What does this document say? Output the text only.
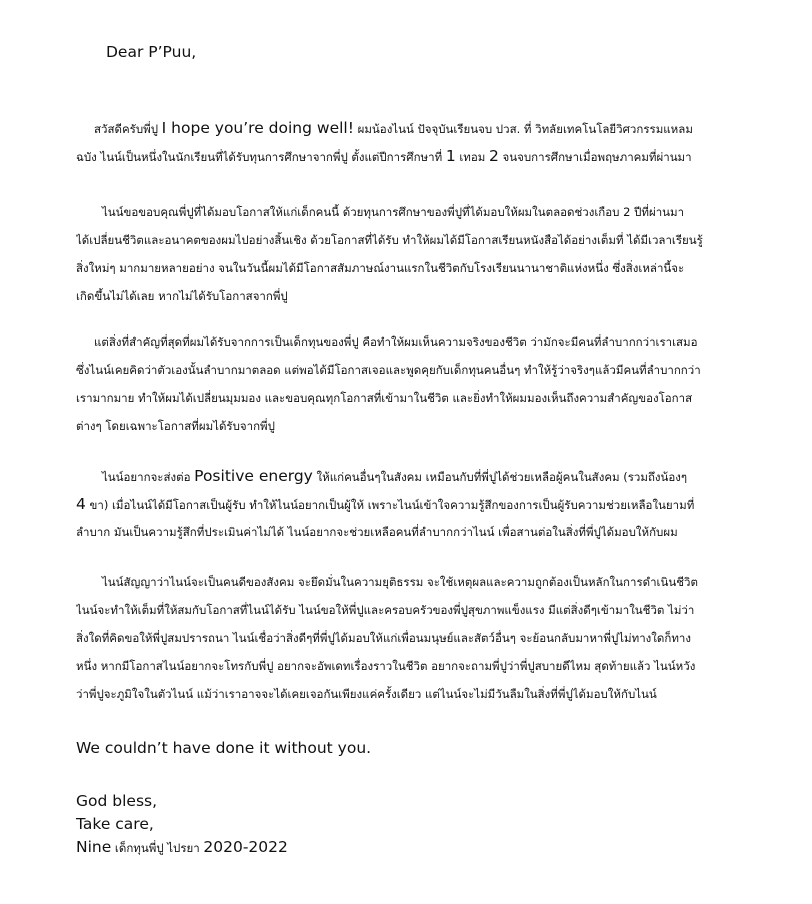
Dear P’Puu,
สวัสดีครับพี่ปู I hope you’re doing well! ผมน้องไนน์ ปัจจุบันเรียนจบ ปวส. ที่ วิทลัยเทคโนโลยีวิศวกรรมแหลม
ฉบัง ไนน์เป็นหนึ่งในนักเรียนที่ได้รับทุนการศึกษาจากพี่ปู ตั้งแต่ปีการศึกษาที่ 1 เทอม 2 จนจบการศึกษาเมื่อพฤษภาคมที่ผ่านมา
ไนน์ขอขอบคุณพี่ปูที่ได้มอบโอกาสให้แก่เด็กคนนี้ ด้วยทุนการศึกษาของพี่ปูที่ได้มอบให้ผมในตลอดช่วงเกือบ 2 ปีที่ผ่านมา
ได้เปลี่ยนชีวิตและอนาคตของผมไปอย่างสิ้นเชิง ด้วยโอกาสที่ได้รับ ทำให้ผมได้มีโอกาสเรียนหนังสือได้อย่างเต็มที่ ได้มีเวลาเรียนรู้
สิ่งใหม่ๆ มากมายหลายอย่าง จนในวันนี้ผมได้มีโอกาสสัมภาษณ์งานแรกในชีวิตกับโรงเรียนนานาชาติแห่งหนึ่ง ซึ่งสิ่งเหล่านี้จะ
เกิดขึ้นไม่ได้เลย หากไม่ได้รับโอกาสจากพี่ปู
แต่สิ่งที่สำคัญที่สุดที่ผมได้รับจากการเป็นเด็กทุนของพี่ปู คือทำให้ผมเห็นความจริงของชีวิต ว่ามักจะมีคนที่ลำบากกว่าเราเสมอ
ซึ่งไนน์เคยคิดว่าตัวเองนั้นลำบากมาตลอด แต่พอได้มีโอกาสเจอและพูดคุยกับเด็กทุนคนอื่นๆ ทำให้รู้ว่าจริงๆแล้วมีคนที่ลำบากกว่า
เรามากมาย ทำให้ผมได้เปลี่ยนมุมมอง และขอบคุณทุกโอกาสที่เข้ามาในชีวิต และยิ่งทำให้ผมมองเห็นถึงความสำคัญของโอกาส
ต่างๆ โดยเฉพาะโอกาสที่ผมได้รับจากพี่ปู
ไนน์อยากจะส่งต่อ Positive energy ให้แก่คนอื่นๆในสังคม เหมือนกับที่พี่ปูได้ช่วยเหลือผู้คนในสังคม (รวมถึงน้องๆ
4 ขา) เมื่อไนน์ได้มีโอกาสเป็นผู้รับ ทำให้ไนน์อยากเป็นผู้ให้ เพราะไนน์เข้าใจความรู้สึกของการเป็นผู้รับความช่วยเหลือในยามที่
ลำบาก มันเป็นความรู้สึกที่ประเมินค่าไม่ได้ ไนน์อยากจะช่วยเหลือคนที่ลำบากกว่าไนน์ เพื่อสานต่อในสิ่งที่พี่ปูได้มอบให้กับผม
ไนน์สัญญาว่าไนน์จะเป็นคนดีของสังคม จะยึดมั่นในความยุติธรรม จะใช้เหตุผลและความถูกต้องเป็นหลักในการดำเนินชีวิต
ไนน์จะทำให้เต็มที่ให้สมกับโอกาสที่ไนน์ได้รับ ไนน์ขอให้พี่ปูและครอบครัวของพี่ปูสุขภาพแข็งแรง มีแต่สิ่งดีๆเข้ามาในชีวิต ไม่ว่า
สิ่งใดที่คิดขอให้พี่ปูสมปรารถนา ไนน์เชื่อว่าสิ่งดีๆที่พี่ปูได้มอบให้แก่เพื่อนมนุษย์และสัตว์อื่นๆ จะย้อนกลับมาหาพี่ปูไม่ทางใดก็ทาง
หนึ่ง หากมีโอกาสไนน์อยากจะโทรกับพี่ปู อยากจะอัพเดทเรื่องราวในชีวิต อยากจะถามพี่ปูว่าพี่ปูสบายดีไหม สุดท้ายแล้ว ไนน์หวัง
ว่าพี่ปูจะภูมิใจในตัวไนน์ แม้ว่าเราอาจจะได้เคยเจอกันเพียงแค่ครั้งเดียว แต่ไนน์จะไม่มีวันลืมในสิ่งที่พี่ปูได้มอบให้กับไนน์
We couldn’t have done it without you.
God bless,
Take care,
Nine เด็กทุนพี่ปู ไปรยา 2020-2022
